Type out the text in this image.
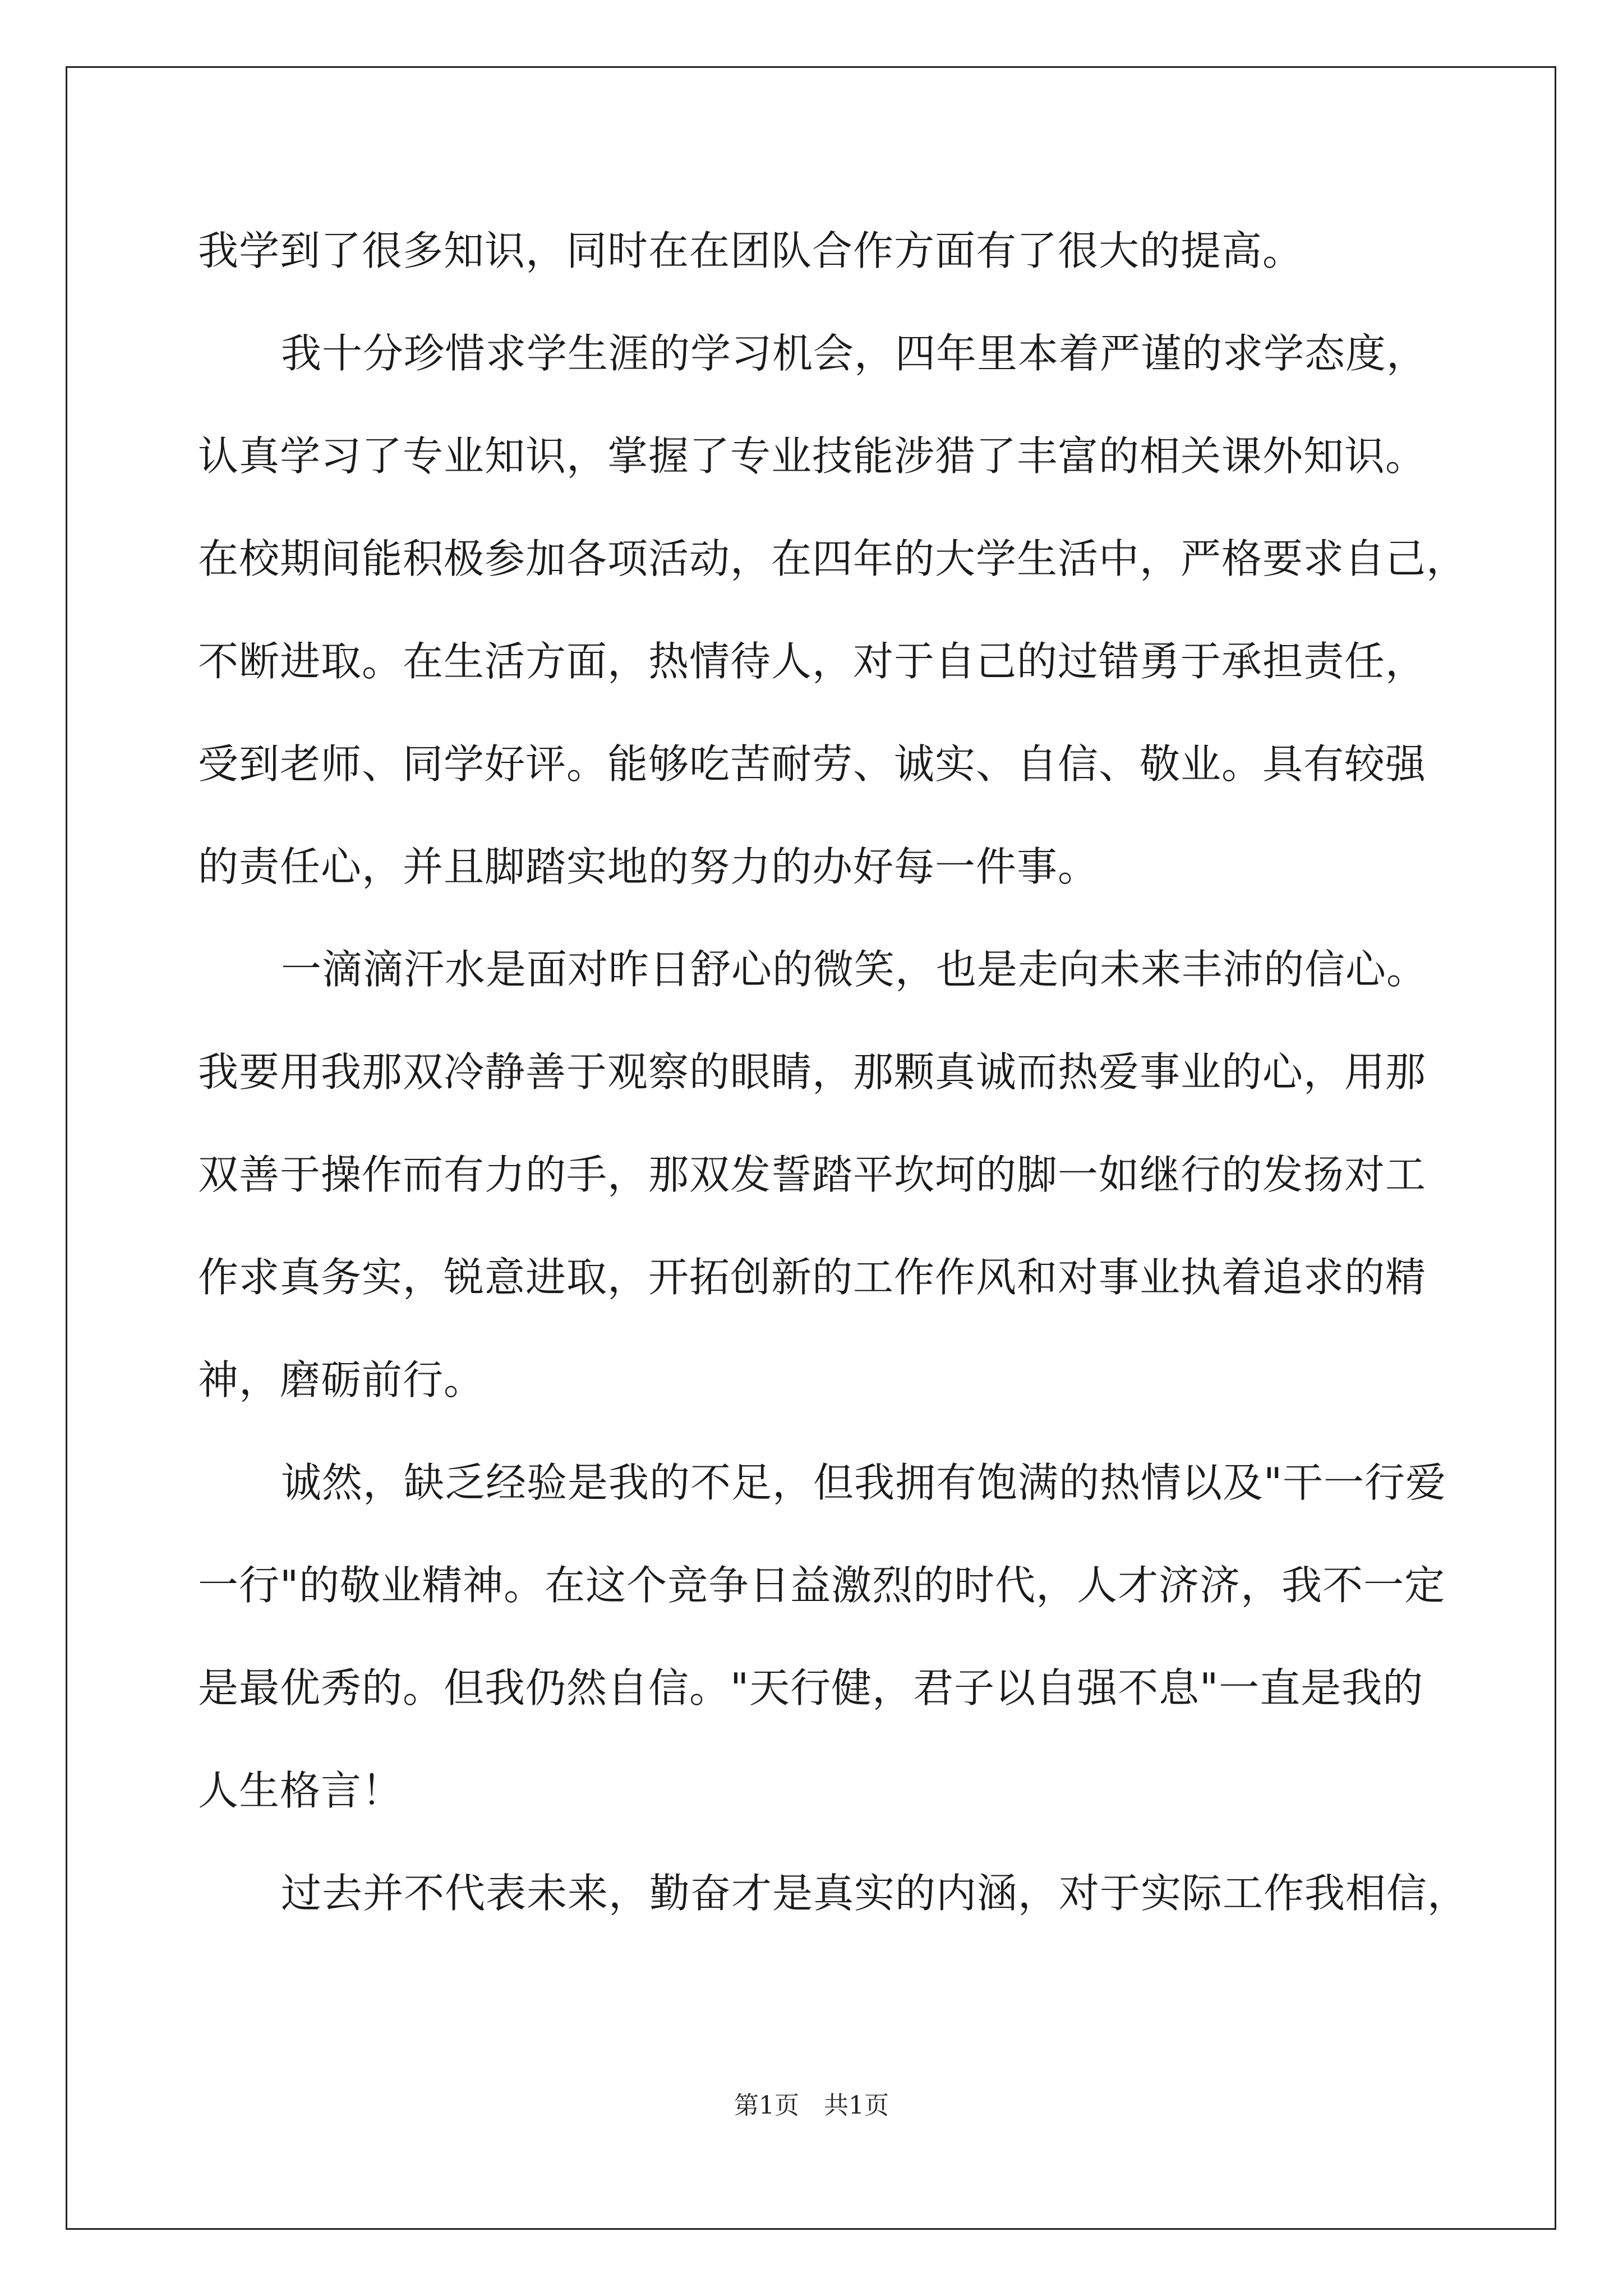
我学到了很多知识，同时在在团队合作方面有了很大的提高。
我十分珍惜求学生涯的学习机会，四年里本着严谨的求学态度，
认真学习了专业知识，掌握了专业技能涉猎了丰富的相关课外知识。
在校期间能积极参加各项活动，在四年的大学生活中，严格要求自己，
不断进取。在生活方面，热情待人，对于自己的过错勇于承担责任，
受到老师、同学好评。能够吃苦耐劳、诚实、自信、敬业。具有较强
的责任心，并且脚踏实地的努力的办好每一件事。
一滴滴汗水是面对昨日舒心的微笑，也是走向未来丰沛的信心。
我要用我那双冷静善于观察的眼睛，那颗真诚而热爱事业的心，用那
双善于操作而有力的手，那双发誓踏平坎坷的脚一如继行的发扬对工
作求真务实，锐意进取，开拓创新的工作作风和对事业执着追求的精
神，磨砺前行。
诚然，缺乏经验是我的不足，但我拥有饱满的热情以及"干一行爱
一行"的敬业精神。在这个竞争日益激烈的时代，人才济济，我不一定
是最优秀的。但我仍然自信。"天行健，君子以自强不息"一直是我的
人生格言！
过去并不代表未来，勤奋才是真实的内涵，对于实际工作我相信，
第1页　共1页
